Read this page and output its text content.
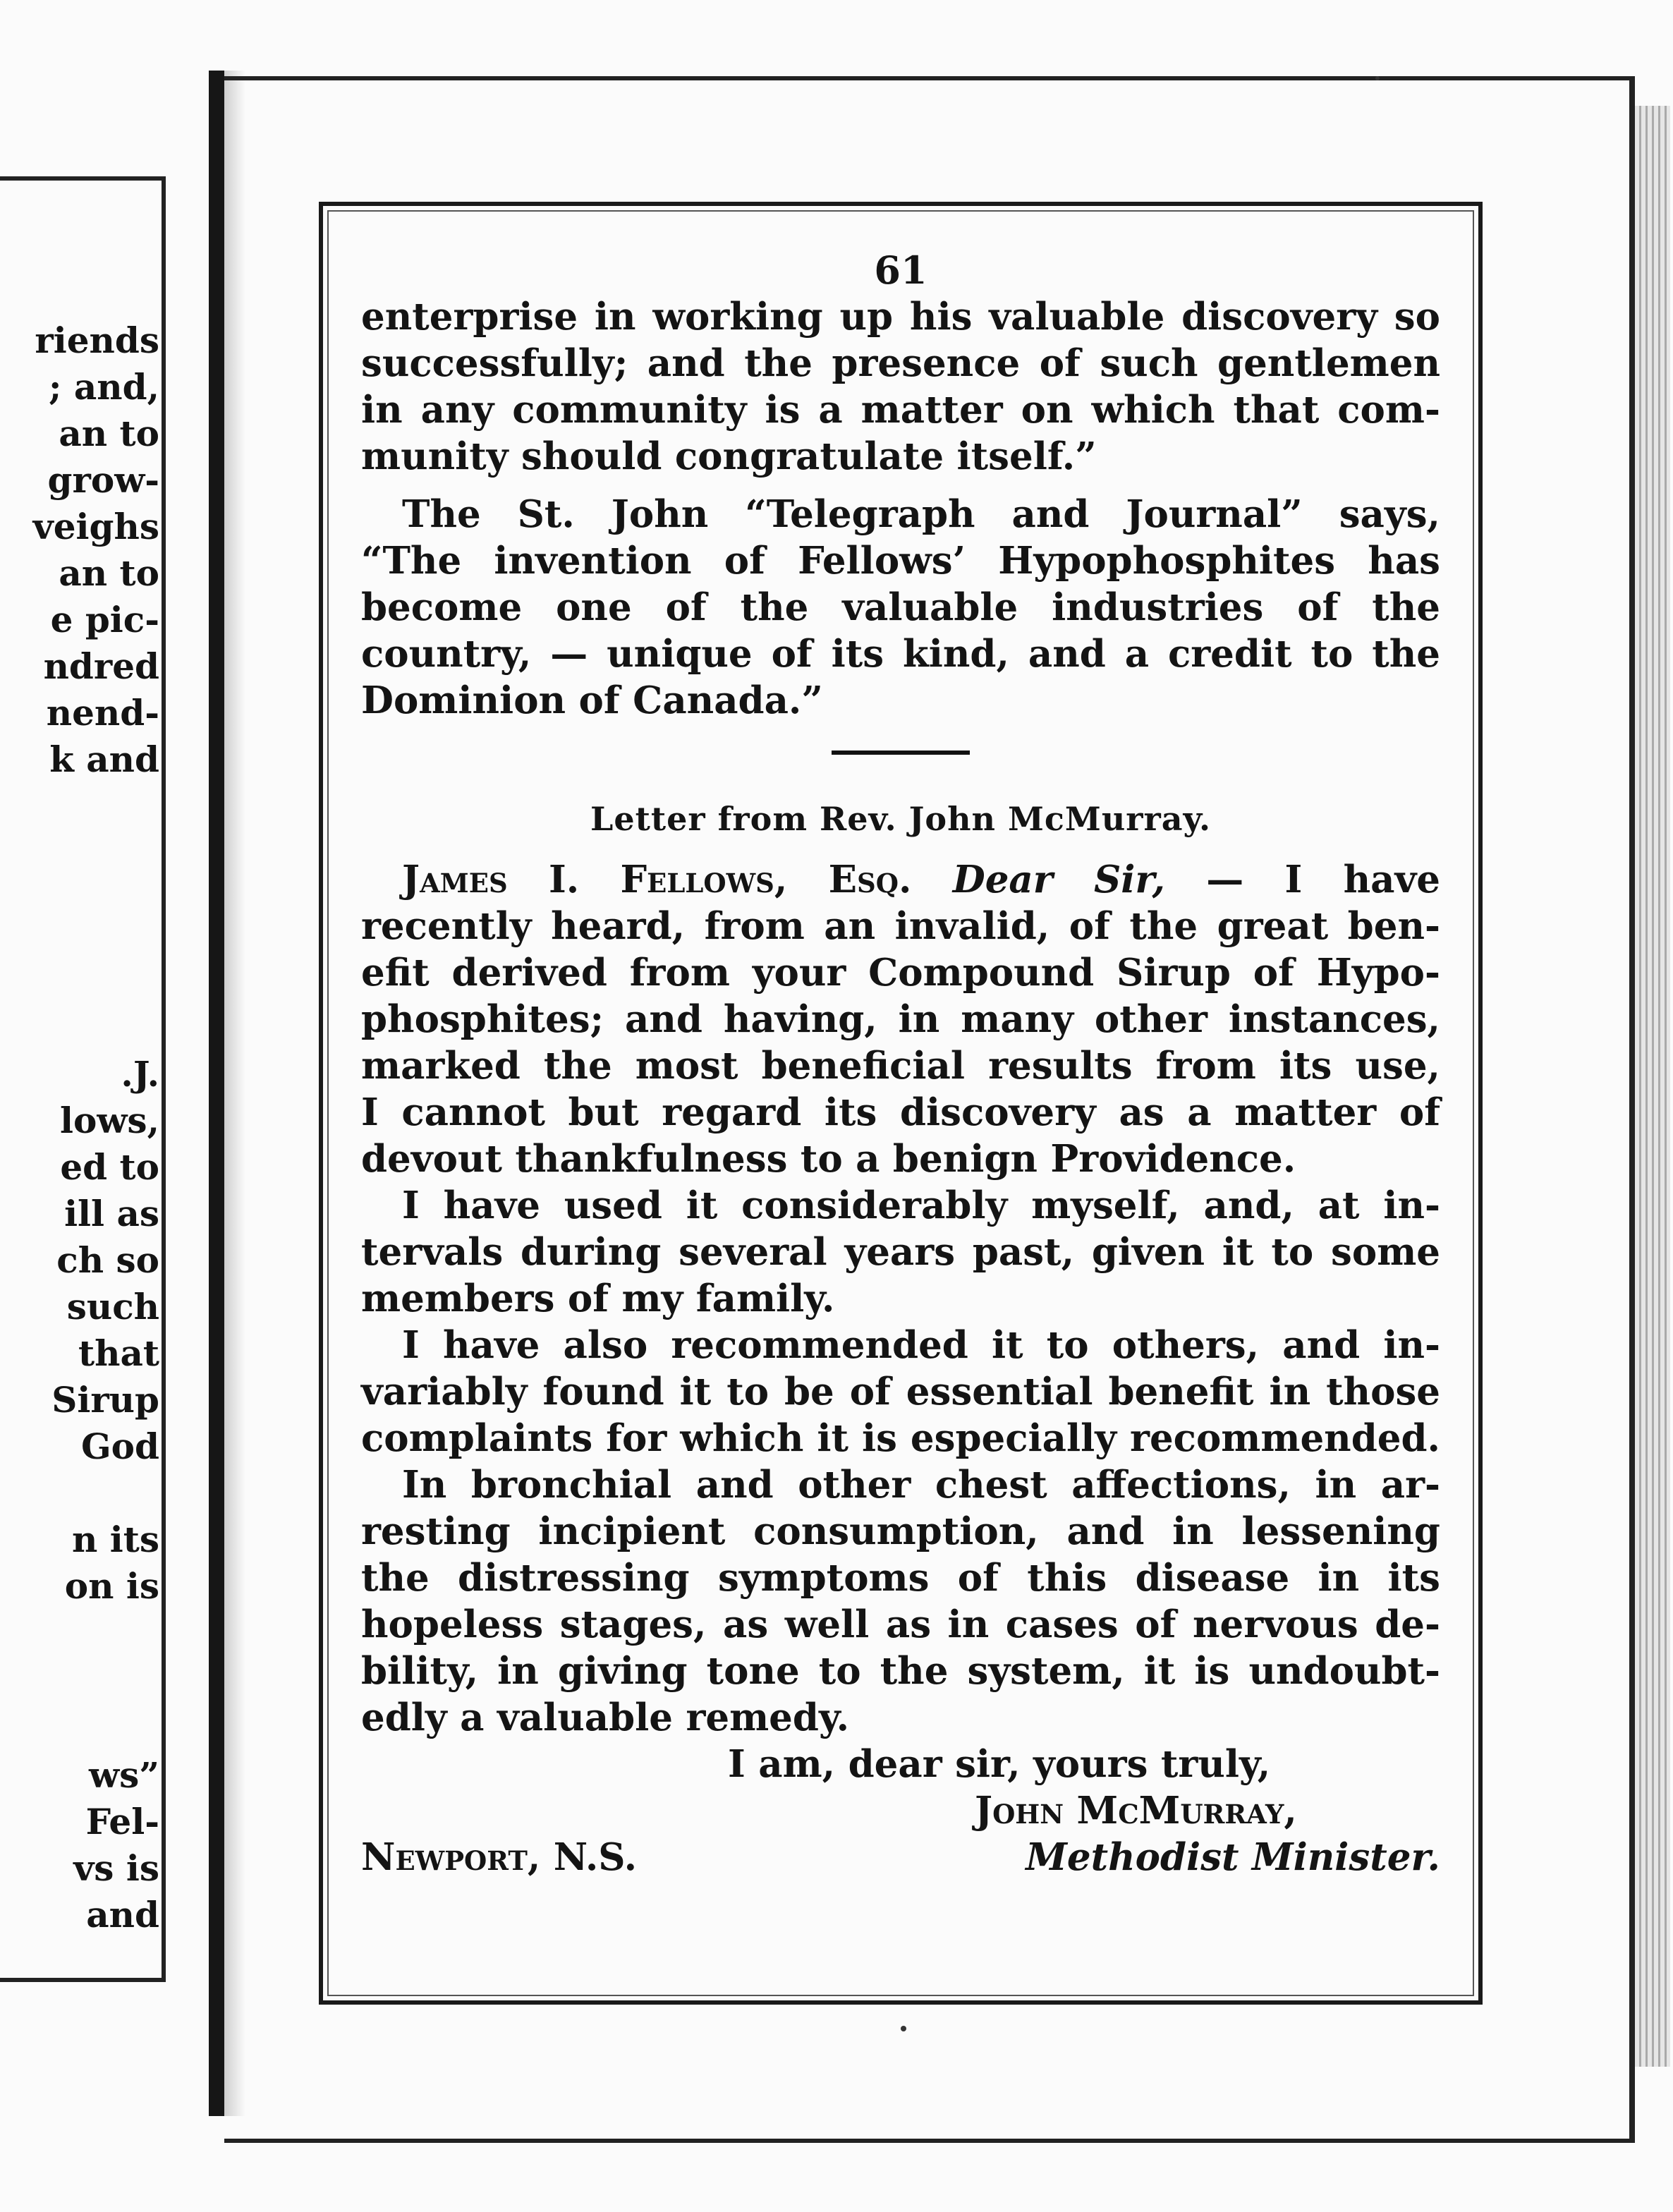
riends
; and,
an to
grow-
veighs
an to
e pic-
ndred
nend-
k and
.J.
lows,
ed to
ill as
ch so
such
that
Sirup
God
n its
on is
ws”
Fel-
vs is
and
61
enterprise in working up his valuable discovery so
successfully; and the presence of such gentlemen
in any community is a matter on which that com-
munity should congratulate itself.”
The St. John “Telegraph and Journal” says,
“The invention of Fellows’ Hypophosphites has
become one of the valuable industries of the
country, — unique of its kind, and a credit to the
Dominion of Canada.”
Letter from Rev. John McMurray.
James I. Fellows, Esq. Dear Sir, — I have
recently heard, from an invalid, of the great ben-
efit derived from your Compound Sirup of Hypo-
phosphites; and having, in many other instances,
marked the most beneficial results from its use,
I cannot but regard its discovery as a matter of
devout thankfulness to a benign Providence.
I have used it considerably myself, and, at in-
tervals during several years past, given it to some
members of my family.
I have also recommended it to others, and in-
variably found it to be of essential benefit in those
complaints for which it is especially recommended.
In bronchial and other chest affections, in ar-
resting incipient consumption, and in lessening
the distressing symptoms of this disease in its
hopeless stages, as well as in cases of nervous de-
bility, in giving tone to the system, it is undoubt-
edly a valuable remedy.
I am, dear sir, yours truly,
John McMurray,
Newport, N.S.	Methodist Minister.
